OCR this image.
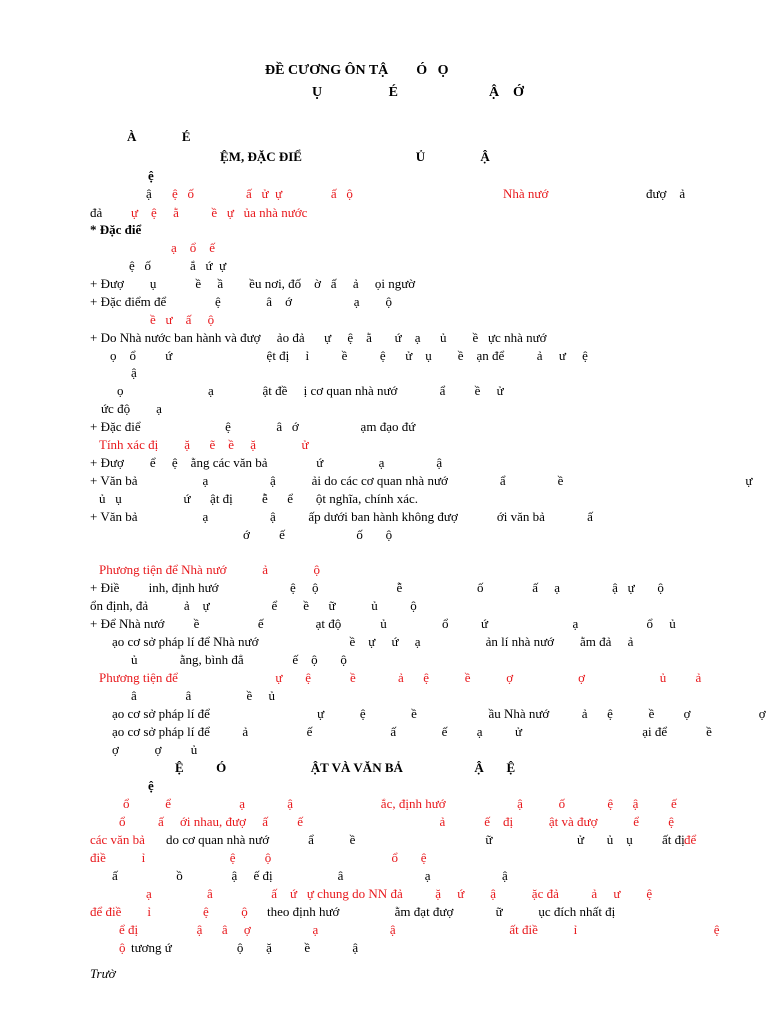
ĐỀ CƯƠNG ÔN TẬ        Ó   Ọ
Ụ                   É                          Ậ    Ớ
À              É
ỆM, ĐẶC ĐIỂ                                   Ủ                 Ậ
ệ
ậ ệ   ố                ấ   ử  ự               ấ   ộ	Nhà nướ	đượ    ả
đả ự    ệ     ằ          ề   ự   ủa nhà nước
* Đặc điể
ạ    ổ    ế
ệ   ố            ắ   ứ  ự
+ Đượ        ụ            ề     ầ        ều nơi, đố    ờ   ấ     ả     ọi ngườ
+ Đặc điểm để               ệ              â    ớ                   ạ        ộ
ề   ư    ấ     ộ
+ Do Nhà nước ban hành và đượ     ảo đả      ự     ệ    ằ       ứ    ạ      ủ        ề   ực nhà nướ
ọ    ổ         ứ                             ệt đị     ỉ          ề          ệ      ử    ụ        ề    ạn để          ả     ư     ệ
ậ
ọ                          ạ               ật đề     ị cơ quan nhà nướ             ẩ         ề     ử
ức độ        ạ
+ Đặc điể                          ệ              â   ớ                   ạm đạo đứ
Tính xác đị        ặ      ẽ    ề     ặ              ử
+ Đượ        ể     ệ    ằng các văn bả               ứ                 ạ                ậ
+ Văn bả                    ạ                   ậ           ải do các cơ quan nhà nướ                ẩ                ề                                                        ự
ủ   ụ                   ứ      ật đị         ễ      ể       ột nghĩa, chính xác.
+ Văn bả                    ạ                   ậ          ấp dưới ban hành không đượ            ới văn bả             ấ
ớ         ế                      ố       ộ
Phương tiện để Nhà nướ           ả              ộ
+ Điề         inh, định hướ                      ệ     ộ                        ễ                       ố               ấ     ạ                ậ   ự       ộ
ổn định, đả           ả    ự                   ể        ề      ữ           ủ          ộ
+ Để Nhà nướ         ề                  ế                ạt độ            ủ                 ổ          ứ                          ạ                     ổ     ủ
ạo cơ sở pháp lí để Nhà nướ                            ề    ự     ứ     ạ                    ản lí nhà nướ        ằm đả     ả
ủ             ằng, bình đẳ               ế    ộ       ộ
Phương tiện để                              ự       ệ            ề             ả      ệ           ề           ợ                    ợ                       ủ         ả
â               â                 ề     ủ
ạo cơ sở pháp lí để                                 ự           ệ              ề                      ầu Nhà nướ          ả      ệ           ề         ợ                     ợ
ạo cơ sở pháp lí để          ả                  ế                        ấ              ế         ạ          ử                                     ại để            ề
ợ           ợ         ủ
Ệ          Ó                          ẬT VÀ VĂN BẢ                      Ậ       Ệ
ệ
ổ           ể                     ạ             ậ                           ắc, định hướ                      ậ           ố             ệ      ậ          ế
ổ          ấ     ới nhau, đượ     ấ         ế                                          ả            ế    đị           ật và đượ           ể         ệ
các văn bả do cơ quan nhà nướ            ẩ           ề                                        ữ                          ử       ủ    ụ         ất đị để
điề           ỉ                          ệ         ộ                                     ổ       ệ
ấ                  ồ               ậ     ế đị                    â                         ạ                      ậ
ạ                 â                  ấ    ứ   ự chung do NN đả          ặ     ứ        ậ           ặc đả          ả     ư        ệ
để điề        ỉ                ệ          ộ theo định hướ                 ằm đạt đượ             ữ           ục đích nhất đị
ể đị                  ậ      â     ợ                   ạ                      ậ                                   ất điề           ỉ                                          ệ
ộ tương ứ                    ộ       ặ          ề             ậ
Trườ
